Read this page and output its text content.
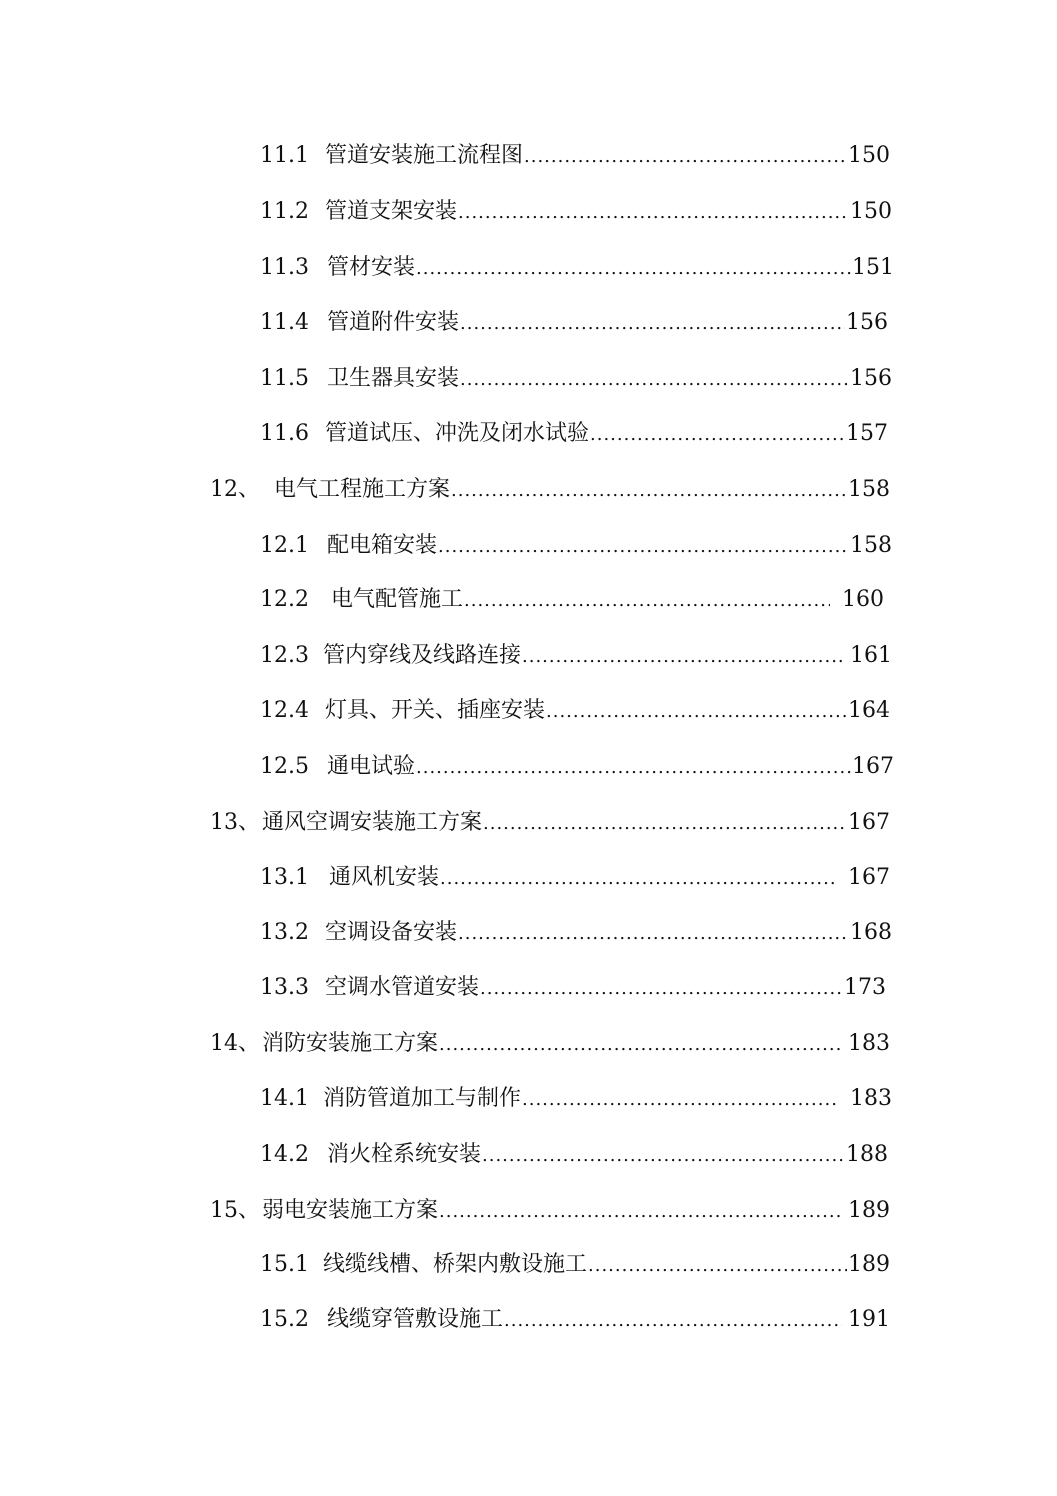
11.1 管道安装施工流程图 .....	150
11.2 管道支架安装 .....	150
11.3 管材安装 .....	151
11.4 管道附件安装 .....	156
11.5 卫生器具安装 .....	156
11.6 管道试压、冲洗及闭水试验 .....	157
12、 电气工程施工方案 .....	158
12.1 配电箱安装 .....	158
12.2 电气配管施工 .....	160
12.3 管内穿线及线路连接 .....	161
12.4 灯具、开关、插座安装 .....	164
12.5 通电试验 .....	167
13、 通风空调安装施工方案 .....	167
13.1 通风机安装 .....	167
13.2 空调设备安装 .....	168
13.3 空调水管道安装 .....	173
14、 消防安装施工方案 .....	183
14.1 消防管道加工与制作 .....	183
14.2 消火栓系统安装 .....	188
15、 弱电安装施工方案 .....	189
15.1 线缆线槽、桥架内敷设施工 .....	189
15.2 线缆穿管敷设施工 .....	191
